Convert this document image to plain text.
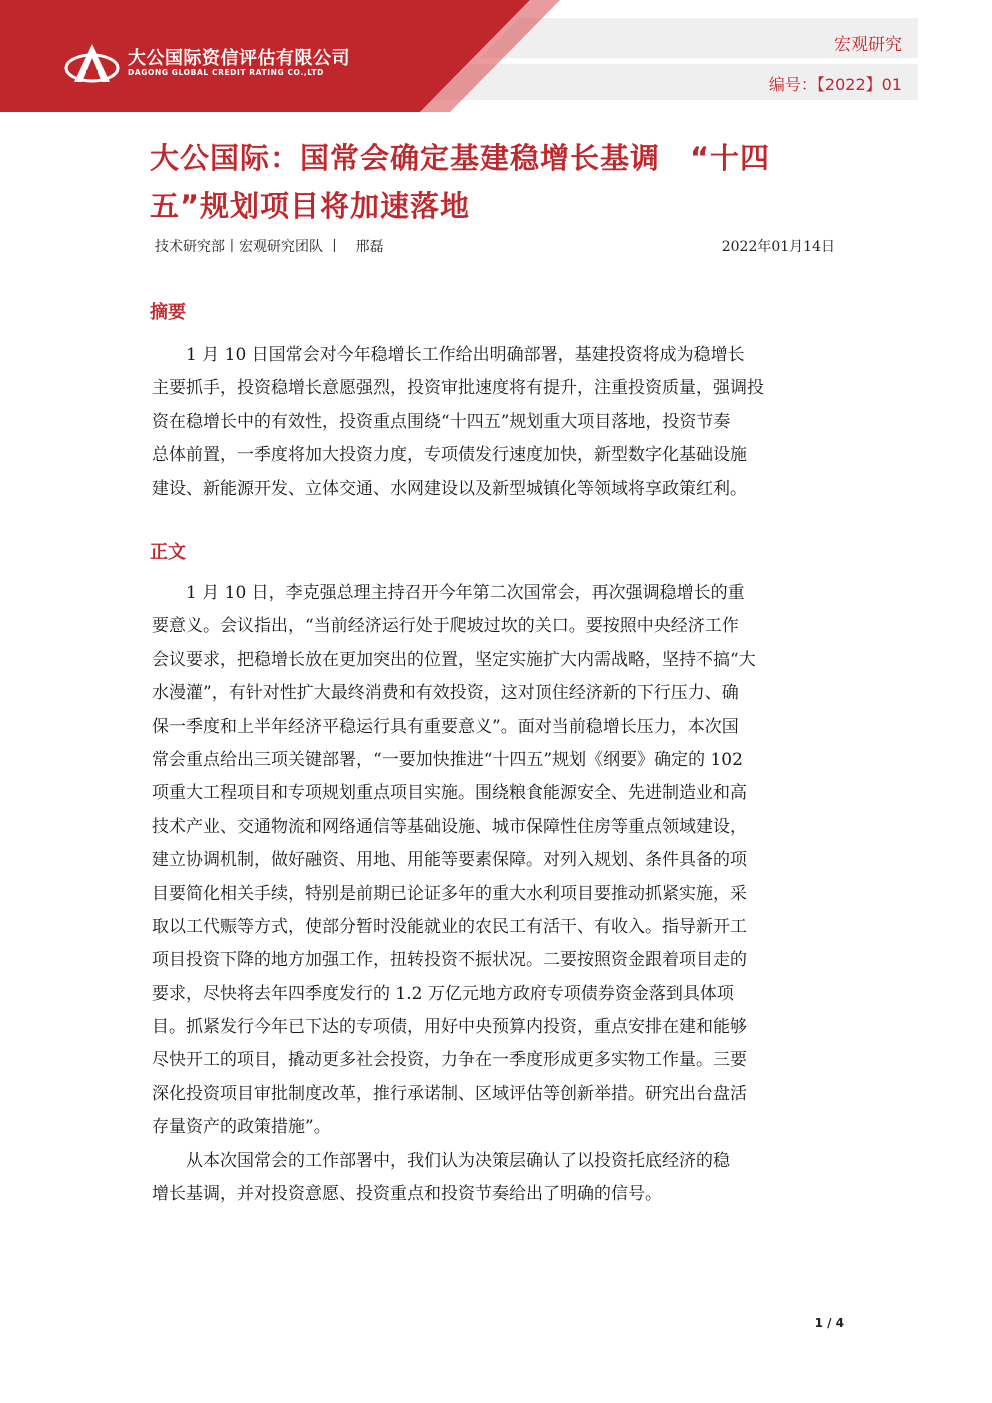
大公国际资信评估有限公司
DAGONG GLOBAL CREDIT RATING CO.,LTD
宏观研究
编号：【2022】01
大公国际：国常会确定基建稳增长基调　“十四
五”规划项目将加速落地
技术研究部丨宏观研究团队 丨　邢磊	2022年01月14日
摘要
　　1 月 10 日国常会对今年稳增长工作给出明确部署，基建投资将成为稳增长
主要抓手，投资稳增长意愿强烈，投资审批速度将有提升，注重投资质量，强调投
资在稳增长中的有效性，投资重点围绕“十四五”规划重大项目落地，投资节奏
总体前置，一季度将加大投资力度，专项债发行速度加快，新型数字化基础设施
建设、新能源开发、立体交通、水网建设以及新型城镇化等领域将享政策红利。
正文
　　1 月 10 日，李克强总理主持召开今年第二次国常会，再次强调稳增长的重
要意义。会议指出，“当前经济运行处于爬坡过坎的关口。要按照中央经济工作
会议要求，把稳增长放在更加突出的位置，坚定实施扩大内需战略，坚持不搞“大
水漫灌”，有针对性扩大最终消费和有效投资，这对顶住经济新的下行压力、确
保一季度和上半年经济平稳运行具有重要意义”。面对当前稳增长压力，本次国
常会重点给出三项关键部署，“一要加快推进“十四五”规划《纲要》确定的 102
项重大工程项目和专项规划重点项目实施。围绕粮食能源安全、先进制造业和高
技术产业、交通物流和网络通信等基础设施、城市保障性住房等重点领域建设，
建立协调机制，做好融资、用地、用能等要素保障。对列入规划、条件具备的项
目要简化相关手续，特别是前期已论证多年的重大水利项目要推动抓紧实施，采
取以工代赈等方式，使部分暂时没能就业的农民工有活干、有收入。指导新开工
项目投资下降的地方加强工作，扭转投资不振状况。二要按照资金跟着项目走的
要求，尽快将去年四季度发行的 1.2 万亿元地方政府专项债券资金落到具体项
目。抓紧发行今年已下达的专项债，用好中央预算内投资，重点安排在建和能够
尽快开工的项目，撬动更多社会投资，力争在一季度形成更多实物工作量。三要
深化投资项目审批制度改革，推行承诺制、区域评估等创新举措。研究出台盘活
存量资产的政策措施”。
　　从本次国常会的工作部署中，我们认为决策层确认了以投资托底经济的稳
增长基调，并对投资意愿、投资重点和投资节奏给出了明确的信号。
1 / 4
